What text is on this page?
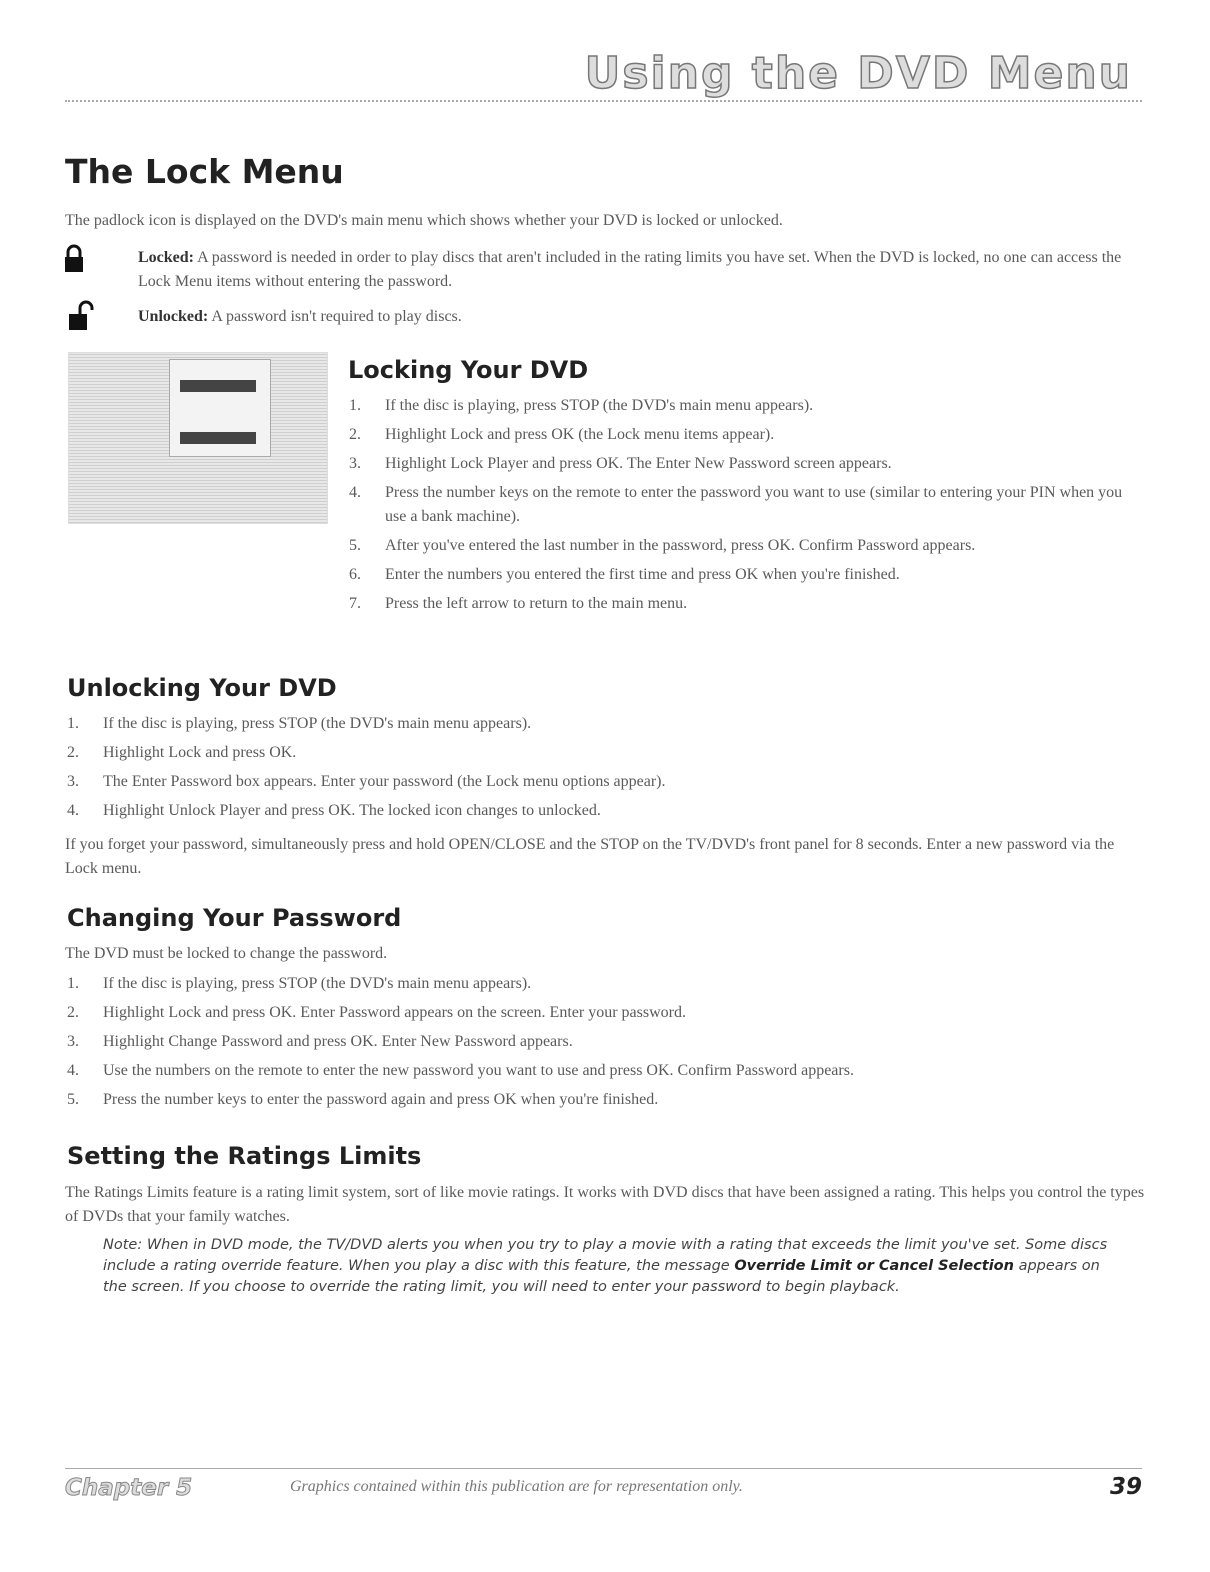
Using the DVD Menu
The Lock Menu
The padlock icon is displayed on the DVD's main menu which shows whether your DVD is locked or unlocked.
Locked: A password is needed in order to play discs that aren't included in the rating limits you have set. When the DVD is locked, no one can access the Lock Menu items without entering the password.
Unlocked: A password isn't required to play discs.
Locking Your DVD
1. If the disc is playing, press STOP (the DVD's main menu appears).
2. Highlight Lock and press OK (the Lock menu items appear).
3. Highlight Lock Player and press OK. The Enter New Password screen appears.
4. Press the number keys on the remote to enter the password you want to use (similar to entering your PIN when you use a bank machine).
5. After you've entered the last number in the password, press OK. Confirm Password appears.
6. Enter the numbers you entered the first time and press OK when you're finished.
7. Press the left arrow to return to the main menu.
Unlocking Your DVD
1. If the disc is playing, press STOP (the DVD's main menu appears).
2. Highlight Lock and press OK.
3. The Enter Password box appears. Enter your password (the Lock menu options appear).
4. Highlight Unlock Player and press OK. The locked icon changes to unlocked.
If you forget your password, simultaneously press and hold OPEN/CLOSE and the STOP on the TV/DVD's front panel for 8 seconds. Enter a new password via the Lock menu.
Changing Your Password
The DVD must be locked to change the password.
1. If the disc is playing, press STOP (the DVD's main menu appears).
2. Highlight Lock and press OK. Enter Password appears on the screen. Enter your password.
3. Highlight Change Password and press OK. Enter New Password appears.
4. Use the numbers on the remote to enter the new password you want to use and press OK. Confirm Password appears.
5. Press the number keys to enter the password again and press OK when you're finished.
Setting the Ratings Limits
The Ratings Limits feature is a rating limit system, sort of like movie ratings. It works with DVD discs that have been assigned a rating. This helps you control the types of DVDs that your family watches.
Note: When in DVD mode, the TV/DVD alerts you when you try to play a movie with a rating that exceeds the limit you've set. Some discs include a rating override feature. When you play a disc with this feature, the message Override Limit or Cancel Selection appears on the screen. If you choose to override the rating limit, you will need to enter your password to begin playback.
Chapter 5	Graphics contained within this publication are for representation only.	39
